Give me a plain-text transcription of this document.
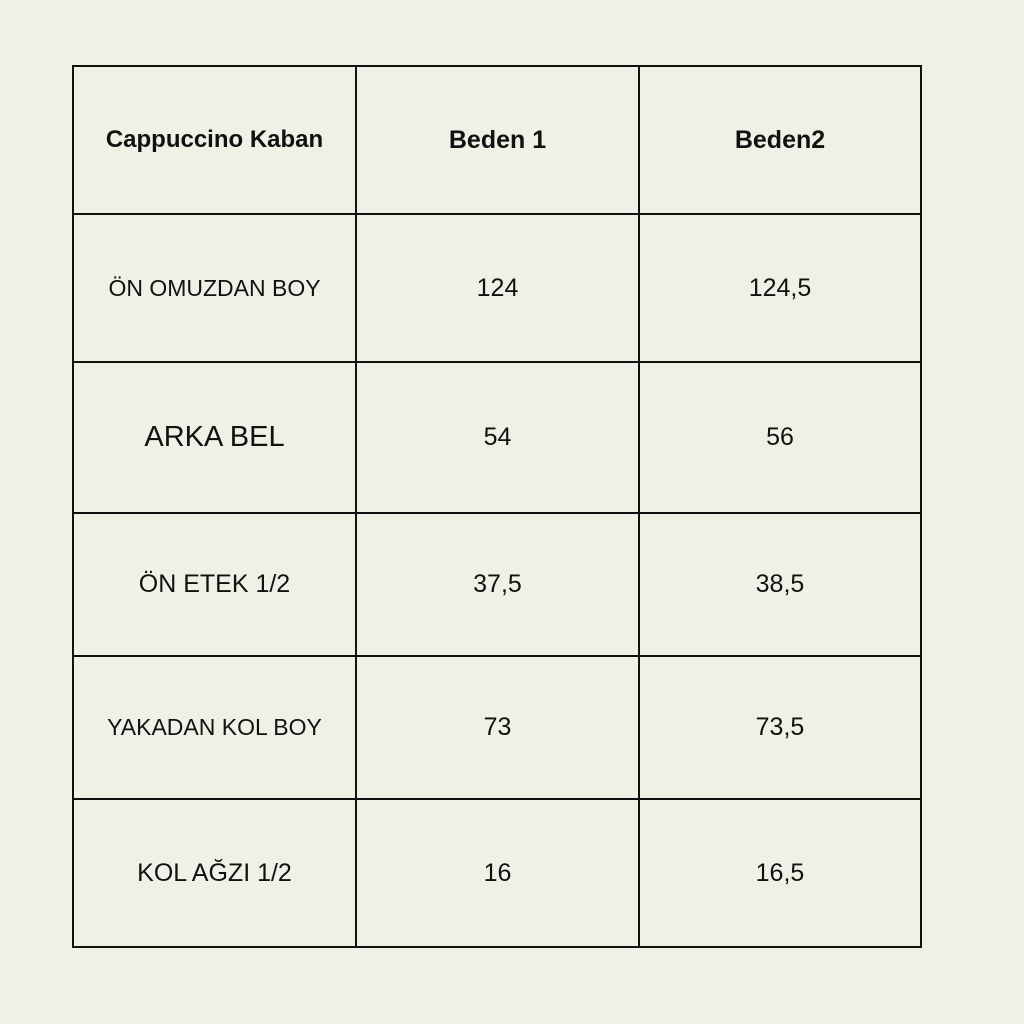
Cappuccino Kaban	Beden 1	Beden2
ÖN OMUZDAN BOY	124	124,5
ARKA BEL	54	56
ÖN ETEK 1/2	37,5	38,5
YAKADAN KOL BOY	73	73,5
KOL AĞZI 1/2	16	16,5
